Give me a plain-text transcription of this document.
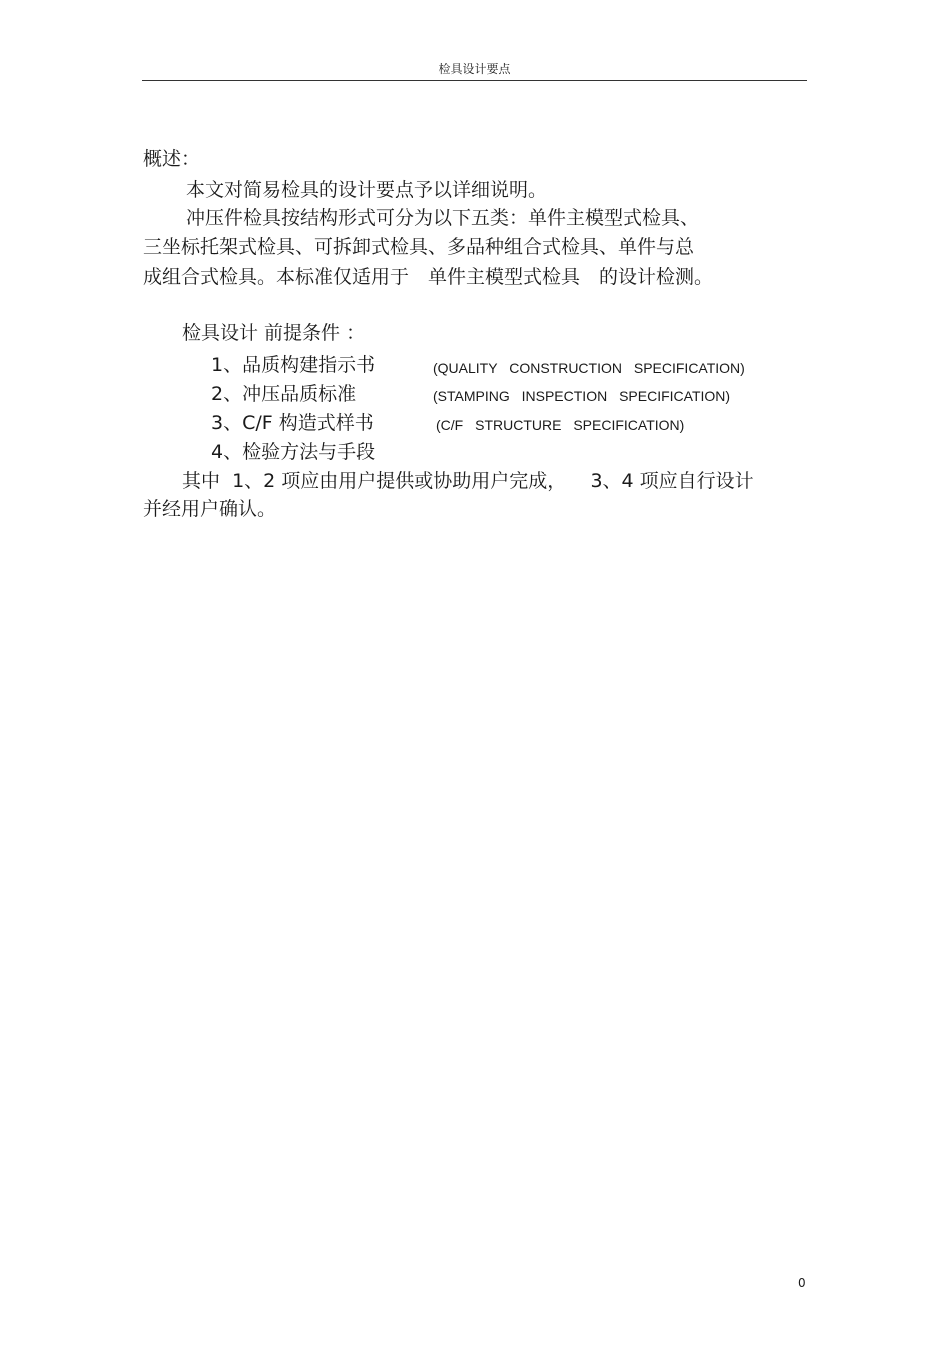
检具设计要点
概述：
本文对简易检具的设计要点予以详细说明。
冲压件检具按结构形式可分为以下五类：单件主模型式检具、
三坐标托架式检具、可拆卸式检具、多品种组合式检具、单件与总
成组合式检具。本标准仅适用于　单件主模型式检具　的设计检测。
检具设计 前提条件 ：
1、品质构建指示书	(QUALITY CONSTRUCTION SPECIFICATION)
2、冲压品质标准	(STAMPING INSPECTION SPECIFICATION)
3、C/F 构造式样书	(C/F STRUCTURE SPECIFICATION)
4、检验方法与手段
其中  1、2 项应由用户提供或协助用户完成，    3、4 项应自行设计
并经用户确认。
0
